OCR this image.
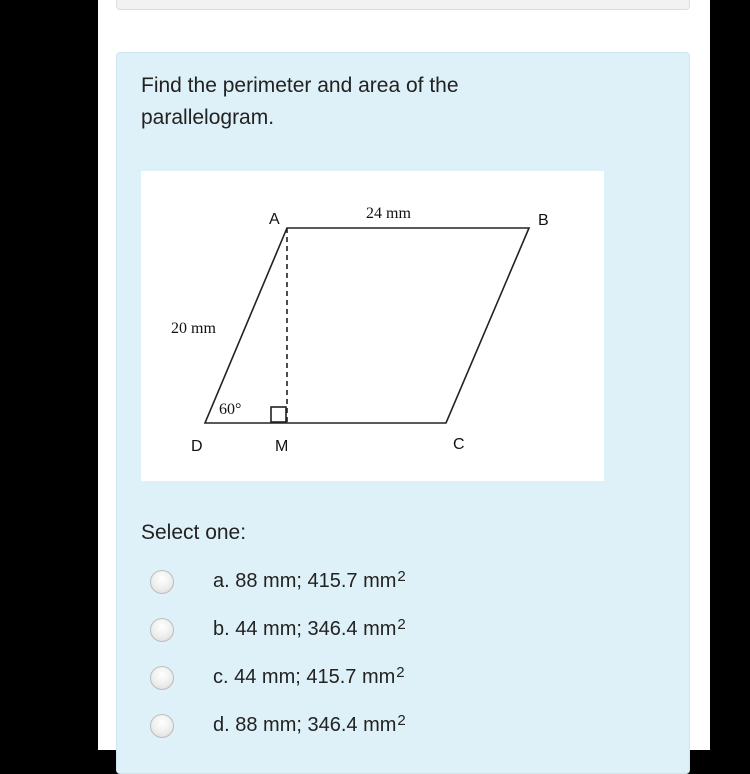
Find the perimeter and area of the parallelogram.
A	B
C
D	M
24 mm
20 mm
60°
Select one:
a. 88 mm; 415.7 $mm^2$
b. 44 mm; 346.4 $mm^2$
c. 44 mm; 415.7 $mm^2$
d. 88 mm; 346.4 $mm^2$
